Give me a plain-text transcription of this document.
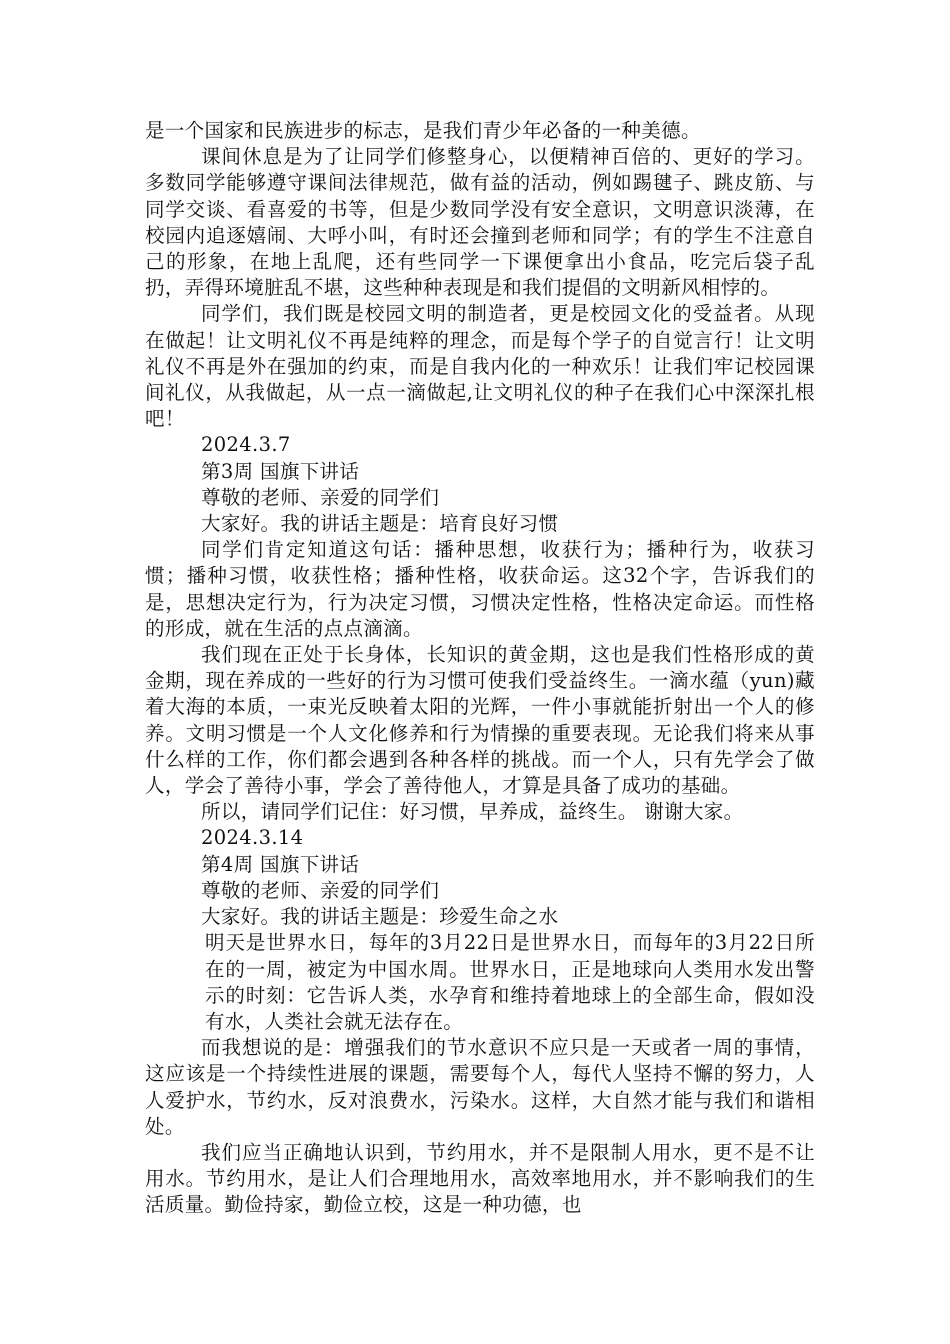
是一个国家和民族进步的标志，是我们青少年必备的一种美德。

课间休息是为了让同学们修整身心，以便精神百倍的、更好的学习。多数同学能够遵守课间法律规范，做有益的活动，例如踢毽子、跳皮筋、与同学交谈、看喜爱的书等，但是少数同学没有安全意识，文明意识淡薄，在校园内追逐嬉闹、大呼小叫，有时还会撞到老师和同学；有的学生不注意自己的形象，在地上乱爬，还有些同学一下课便拿出小食品，吃完后袋子乱扔，弄得环境脏乱不堪，这些种种表现是和我们提倡的文明新风相悖的。

同学们，我们既是校园文明的制造者，更是校园文化的受益者。从现在做起！让文明礼仪不再是纯粹的理念，而是每个学子的自觉言行！让文明礼仪不再是外在强加的约束，而是自我内化的一种欢乐！让我们牢记校园课间礼仪，从我做起，从一点一滴做起,让文明礼仪的种子在我们心中深深扎根吧！

2024.3.7

第3周 国旗下讲话

尊敬的老师、亲爱的同学们

大家好。我的讲话主题是：培育良好习惯

同学们肯定知道这句话：播种思想，收获行为；播种行为，收获习惯；播种习惯，收获性格；播种性格，收获命运。这32个字，告诉我们的是，思想决定行为，行为决定习惯，习惯决定性格，性格决定命运。而性格的形成，就在生活的点点滴滴。

我们现在正处于长身体，长知识的黄金期，这也是我们性格形成的黄金期，现在养成的一些好的行为习惯可使我们受益终生。一滴水蕴（yun)藏着大海的本质，一束光反映着太阳的光辉，一件小事就能折射出一个人的修养。文明习惯是一个人文化修养和行为情操的重要表现。无论我们将来从事什么样的工作，你们都会遇到各种各样的挑战。而一个人，只有先学会了做人，学会了善待小事，学会了善待他人，才算是具备了成功的基础。

所以，请同学们记住：好习惯，早养成，益终生。 谢谢大家。

2024.3.14

第4周 国旗下讲话

尊敬的老师、亲爱的同学们

大家好。我的讲话主题是：珍爱生命之水

明天是世界水日，每年的3月22日是世界水日，而每年的3月22日所在的一周，被定为中国水周。世界水日，正是地球向人类用水发出警示的时刻：它告诉人类，水孕育和维持着地球上的全部生命，假如没有水，人类社会就无法存在。

而我想说的是：增强我们的节水意识不应只是一天或者一周的事情，这应该是一个持续性进展的课题，需要每个人，每代人坚持不懈的努力，人人爱护水，节约水，反对浪费水，污染水。这样，大自然才能与我们和谐相处。

我们应当正确地认识到，节约用水，并不是限制人用水，更不是不让用水。节约用水，是让人们合理地用水，高效率地用水，并不影响我们的生活质量。勤俭持家，勤俭立校，这是一种功德，也
